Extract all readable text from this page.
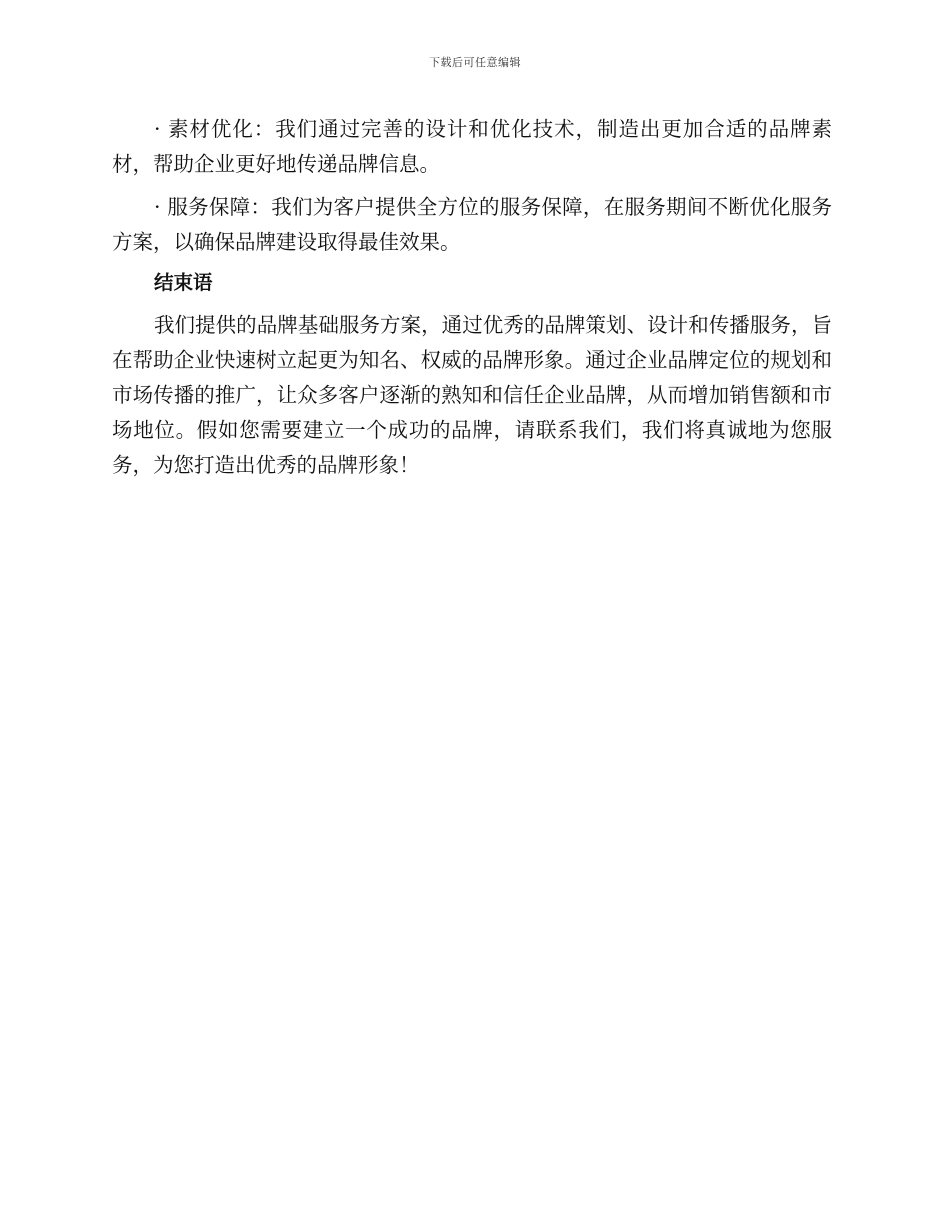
下载后可任意编辑

· 素材优化：我们通过完善的设计和优化技术，制造出更加合适的品牌素材，帮助企业更好地传递品牌信息。

· 服务保障：我们为客户提供全方位的服务保障，在服务期间不断优化服务方案，以确保品牌建设取得最佳效果。

结束语

我们提供的品牌基础服务方案，通过优秀的品牌策划、设计和传播服务，旨在帮助企业快速树立起更为知名、权威的品牌形象。通过企业品牌定位的规划和市场传播的推广，让众多客户逐渐的熟知和信任企业品牌，从而增加销售额和市场地位。假如您需要建立一个成功的品牌，请联系我们，我们将真诚地为您服务，为您打造出优秀的品牌形象！
